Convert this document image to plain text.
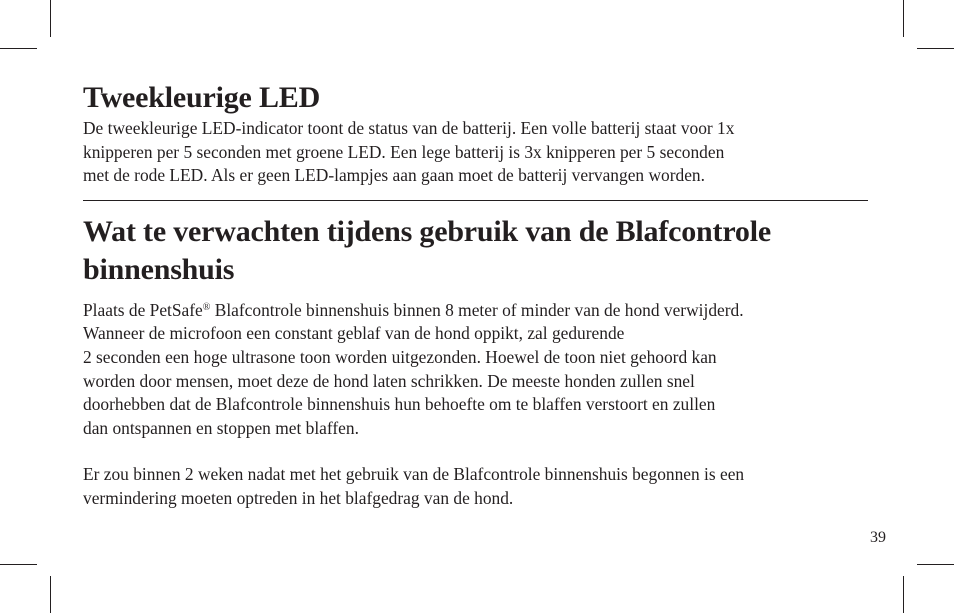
Tweekleurige LED

De tweekleurige LED-indicator toont de status van de batterij. Een volle batterij staat voor 1x
knipperen per 5 seconden met groene LED. Een lege batterij is 3x knipperen per 5 seconden
met de rode LED. Als er geen LED-lampjes aan gaan moet de batterij vervangen worden.

Wat te verwachten tijdens gebruik van de Blafcontrole
binnenshuis

Plaats de PetSafe® Blafcontrole binnenshuis binnen 8 meter of minder van de hond verwijderd.
Wanneer de microfoon een constant geblaf van de hond oppikt, zal gedurende
2 seconden een hoge ultrasone toon worden uitgezonden. Hoewel de toon niet gehoord kan
worden door mensen, moet deze de hond laten schrikken. De meeste honden zullen snel
doorhebben dat de Blafcontrole binnenshuis hun behoefte om te blaffen verstoort en zullen
dan ontspannen en stoppen met blaffen.

Er zou binnen 2 weken nadat met het gebruik van de Blafcontrole binnenshuis begonnen is een
vermindering moeten optreden in het blafgedrag van de hond.

39
